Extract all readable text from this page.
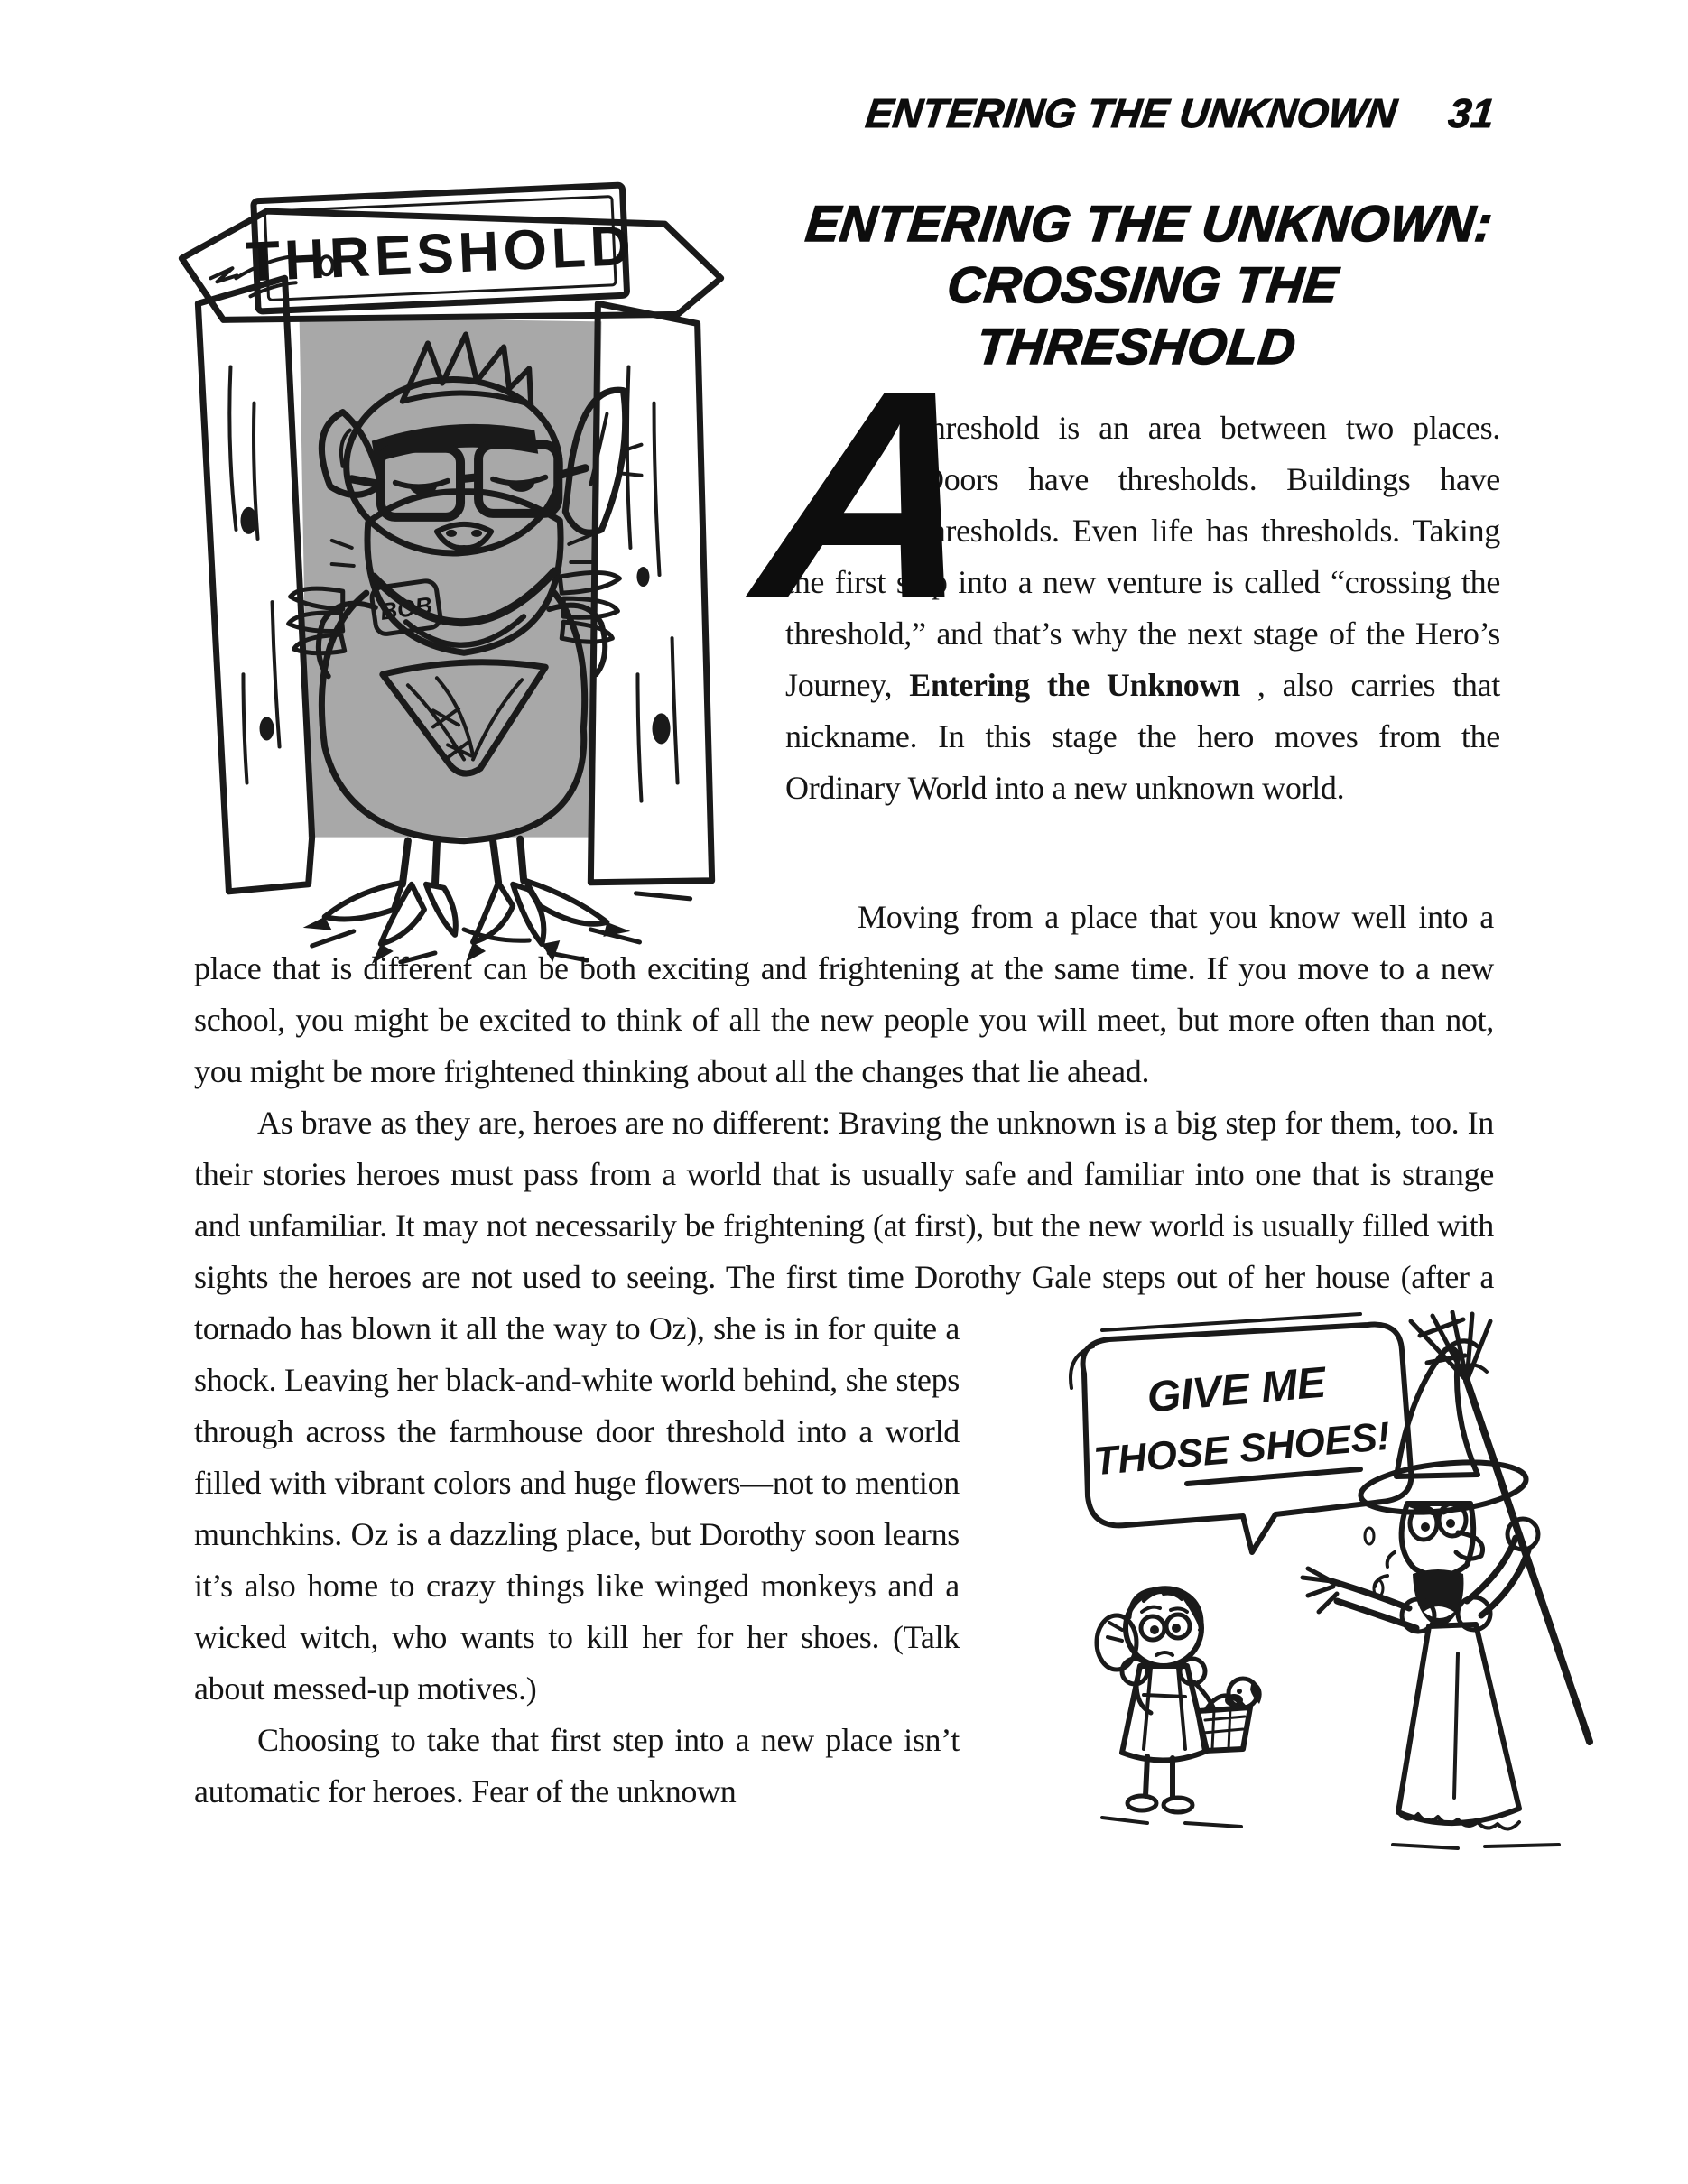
ENTERING THE UNKNOWN 31
THRESHOLD
BOB
ENTERING THE UNKNOWN:
CROSSING THE THRESHOLD

A
threshold is an area between two places. Doors have thresholds. Buildings have thresholds. Even life has thresholds. Taking the first step into a new venture is called “crossing the threshold,” and that’s why the next stage of the Hero’s Journey, Entering the Unknown , also carries that nickname. In this stage the hero moves from the Ordinary World into a new unknown world.

Moving from a place that you know well into a place that is different can be both exciting and frightening at the same time. If you move to a new school, you might be excited to think of all the new people you will meet, but more often than not, you might be more frightened thinking about all the changes that lie ahead.

As brave as they are, heroes are no different: Braving the unknown is a big step for them, too. In their stories heroes must pass from a world that is usually safe and familiar into one that is strange and unfamiliar. It may not necessarily be frightening (at first), but the new world is usually filled with sights the heroes are not used to seeing. The first time Dorothy Gale steps out of her house (after a tornado has blown it all the
GIVE ME
THOSE SHOES!
way to Oz), she is in for quite a shock. Leaving her black-and-white world behind, she steps through across the farmhouse door threshold into a world filled with vibrant colors and huge flowers—not to mention munchkins. Oz is a dazzling place, but Dorothy soon learns it’s also home to crazy things like winged monkeys and a wicked witch, who wants to kill her for her shoes. (Talk about messed-up motives.)

Choosing to take that first step into a new place isn’t automatic for heroes. Fear of the unknown
